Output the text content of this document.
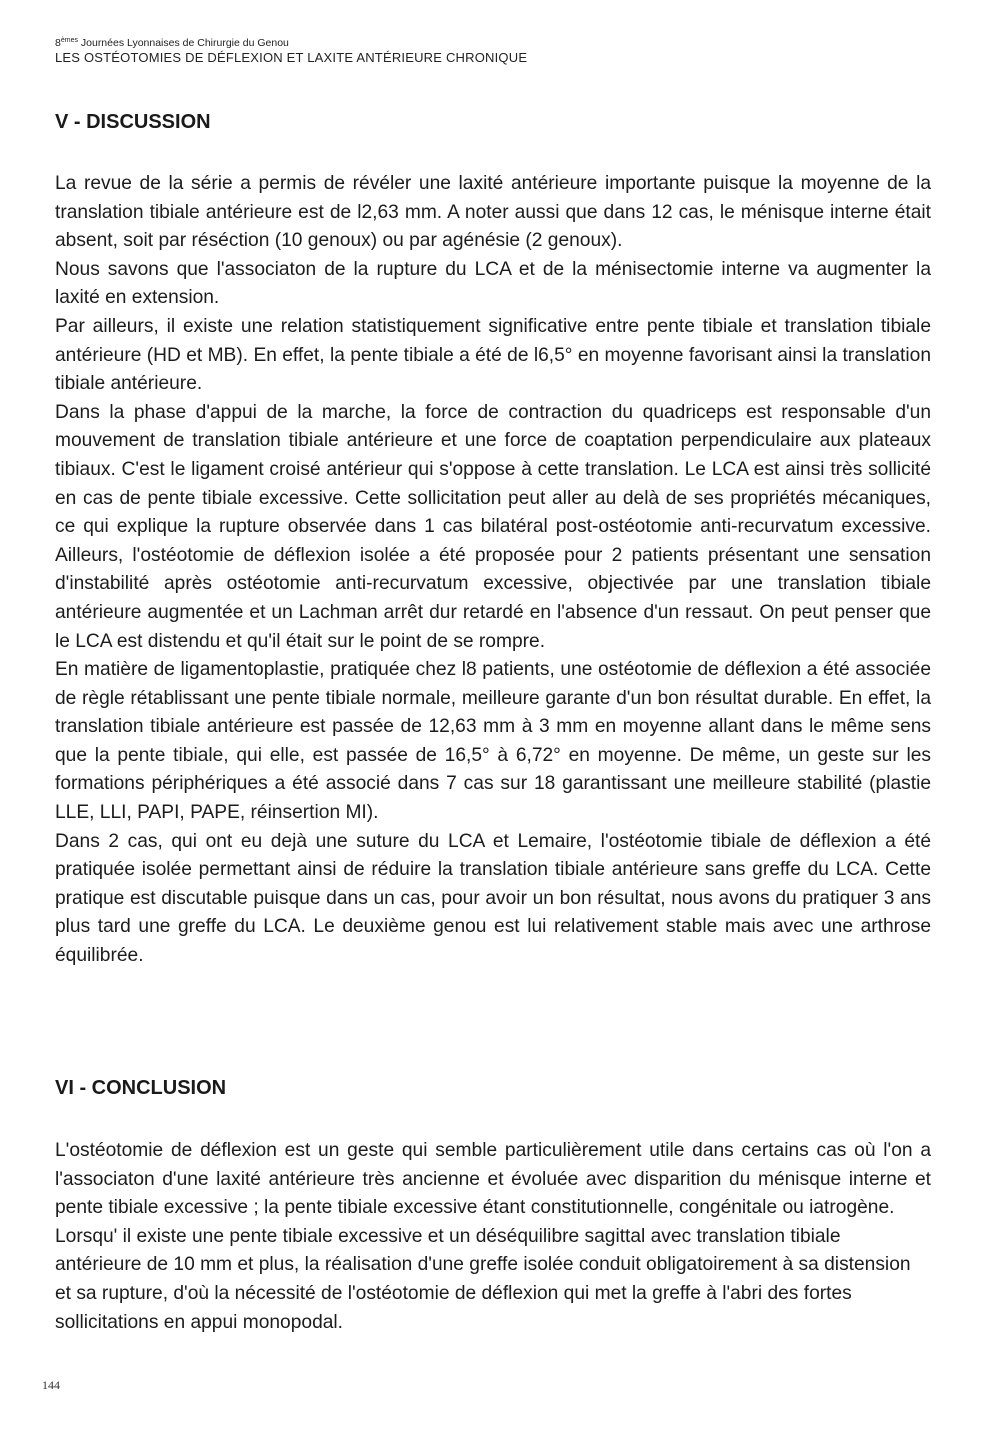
8èmes Journées Lyonnaises de Chirurgie du Genou
LES OSTÉOTOMIES DE DÉFLEXION ET LAXITE ANTÉRIEURE CHRONIQUE
V - DISCUSSION

La revue de la série a permis de révéler une laxité antérieure importante puisque la moyenne de la translation tibiale antérieure est de l2,63 mm. A noter aussi que dans 12 cas, le ménisque interne était absent, soit par réséction (10 genoux) ou par agénésie (2 genoux).

Nous savons que l'associaton de la rupture du LCA et de la ménisectomie interne va augmenter la laxité en extension.

Par ailleurs, il existe une relation statistiquement significative entre pente tibiale et translation tibiale antérieure (HD et MB). En effet, la pente tibiale a été de l6,5° en moyenne favorisant ainsi la translation tibiale antérieure.

Dans la phase d'appui de la marche, la force de contraction du quadriceps est responsable d'un mouvement de translation tibiale antérieure et une force de coaptation perpendiculaire aux plateaux tibiaux. C'est le ligament croisé antérieur qui s'oppose à cette translation. Le LCA est ainsi très sollicité en cas de pente tibiale excessive. Cette sollicitation peut aller au delà de ses propriétés mécaniques, ce qui explique la rupture observée dans 1 cas bilatéral post-ostéotomie anti-recurvatum excessive. Ailleurs, l'ostéotomie de déflexion isolée a été proposée pour 2 patients présentant une sensation d'instabilité après ostéotomie anti-recurvatum excessive, objectivée par une translation tibiale antérieure augmentée et un Lachman arrêt dur retardé en l'absence d'un ressaut. On peut penser que le LCA est distendu et qu'il était sur le point de se rompre.

En matière de ligamentoplastie, pratiquée chez l8 patients, une ostéotomie de déflexion a été associée de règle rétablissant une pente tibiale normale, meilleure garante d'un bon résultat durable. En effet, la translation tibiale antérieure est passée de 12,63 mm à 3 mm en moyenne allant dans le même sens que la pente tibiale, qui elle, est passée de 16,5° à 6,72° en moyenne. De même, un geste sur les formations périphériques a été associé dans 7 cas sur 18 garantissant une meilleure stabilité (plastie LLE, LLI, PAPI, PAPE, réinsertion MI).

Dans 2 cas, qui ont eu dejà une suture du LCA et Lemaire, l'ostéotomie tibiale de déflexion a été pratiquée isolée permettant ainsi de réduire la translation tibiale antérieure sans greffe du LCA. Cette pratique est discutable puisque dans un cas, pour avoir un bon résultat, nous avons du pratiquer 3 ans plus tard une greffe du LCA. Le deuxième genou est lui relativement stable mais avec une arthrose équilibrée.

VI - CONCLUSION

L'ostéotomie de déflexion est un geste qui semble particulièrement utile dans certains cas où l'on a l'associaton d'une laxité antérieure très ancienne et évoluée avec disparition du ménisque interne et pente tibiale excessive ; la pente tibiale excessive étant constitutionnelle, congénitale ou iatrogène.

Lorsqu' il existe une pente tibiale excessive et un déséquilibre sagittal avec translation tibiale antérieure de 10 mm et plus, la réalisation d'une greffe isolée conduit obligatoirement à sa distension et sa rupture, d'où la nécessité de l'ostéotomie de déflexion qui met la greffe à l'abri des fortes sollicitations en appui monopodal.

144
